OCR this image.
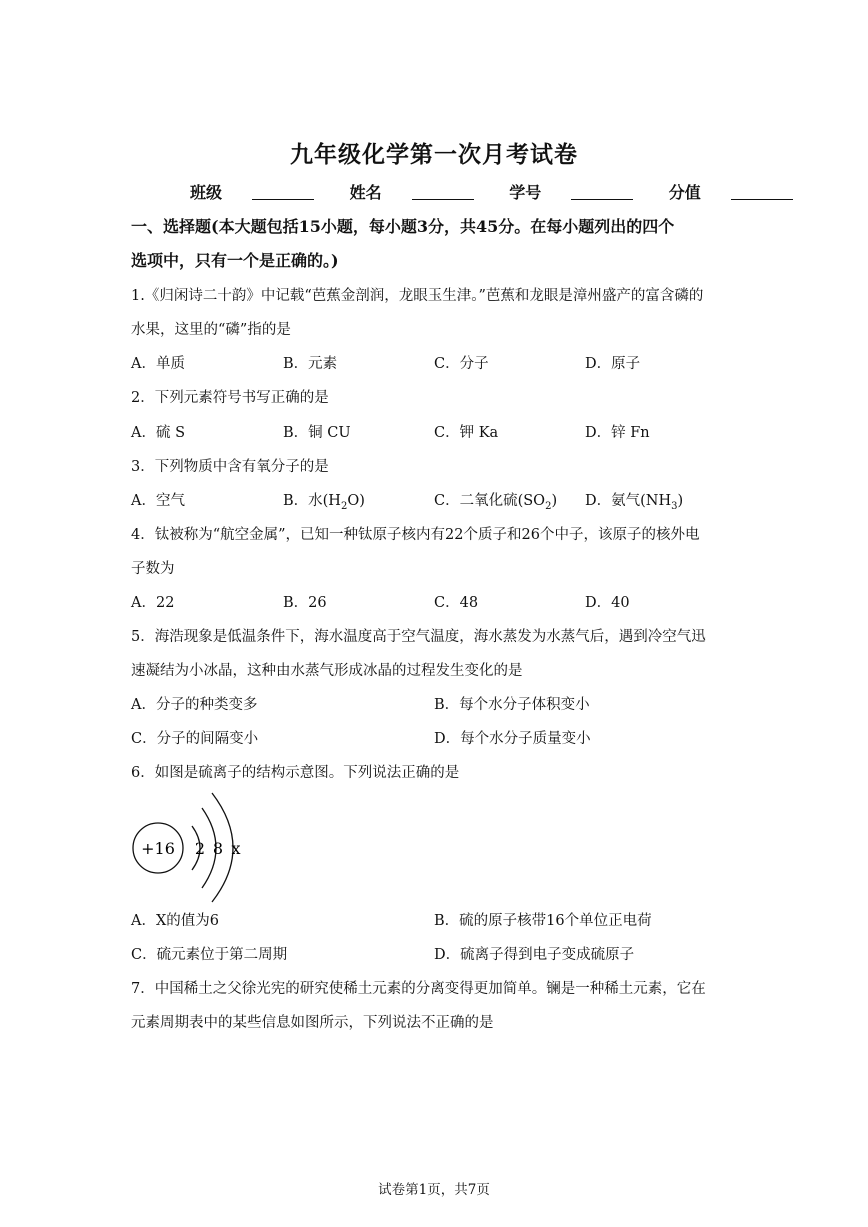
九年级化学第一次月考试卷
班级	姓名	学号	分值
一、选择题(本大题包括15小题，每小题3分，共45分。在每小题列出的四个
选项中，只有一个是正确的。)
1.《归闲诗二十韵》中记载“芭蕉金剖润，龙眼玉生津。”芭蕉和龙眼是漳州盛产的富含磷的
水果，这里的“磷”指的是
A．单质	B．元素	C．分子	D．原子
2．下列元素符号书写正确的是
A．硫 S	B．铜 CU	C．钾 Ka	D．锌 Fn
3．下列物质中含有氧分子的是
A．空气	B．水$(H_2O)$	C．二氧化硫$(SO_2)$ D．氨气$(NH_3)$
4．钛被称为“航空金属”，已知一种钛原子核内有22个质子和26个中子，该原子的核外电
子数为
A．22	B．26	C．48	D．40
5．海浩现象是低温条件下，海水温度高于空气温度，海水蒸发为水蒸气后，遇到冷空气迅
速凝结为小冰晶，这种由水蒸气形成冰晶的过程发生变化的是
A．分子的种类变多	B．每个水分子体积变小
C．分子的间隔变小	D．每个水分子质量变小
6．如图是硫离子的结构示意图。下列说法正确的是
+16 2 8 x
A．X的值为6	B．硫的原子核带16个单位正电荷
C．硫元素位于第二周期	D．硫离子得到电子变成硫原子
7．中国稀土之父徐光宪的研究使稀土元素的分离变得更加简单。镧是一种稀土元素，它在
元素周期表中的某些信息如图所示，下列说法不正确的是
试卷第1页，共7页
